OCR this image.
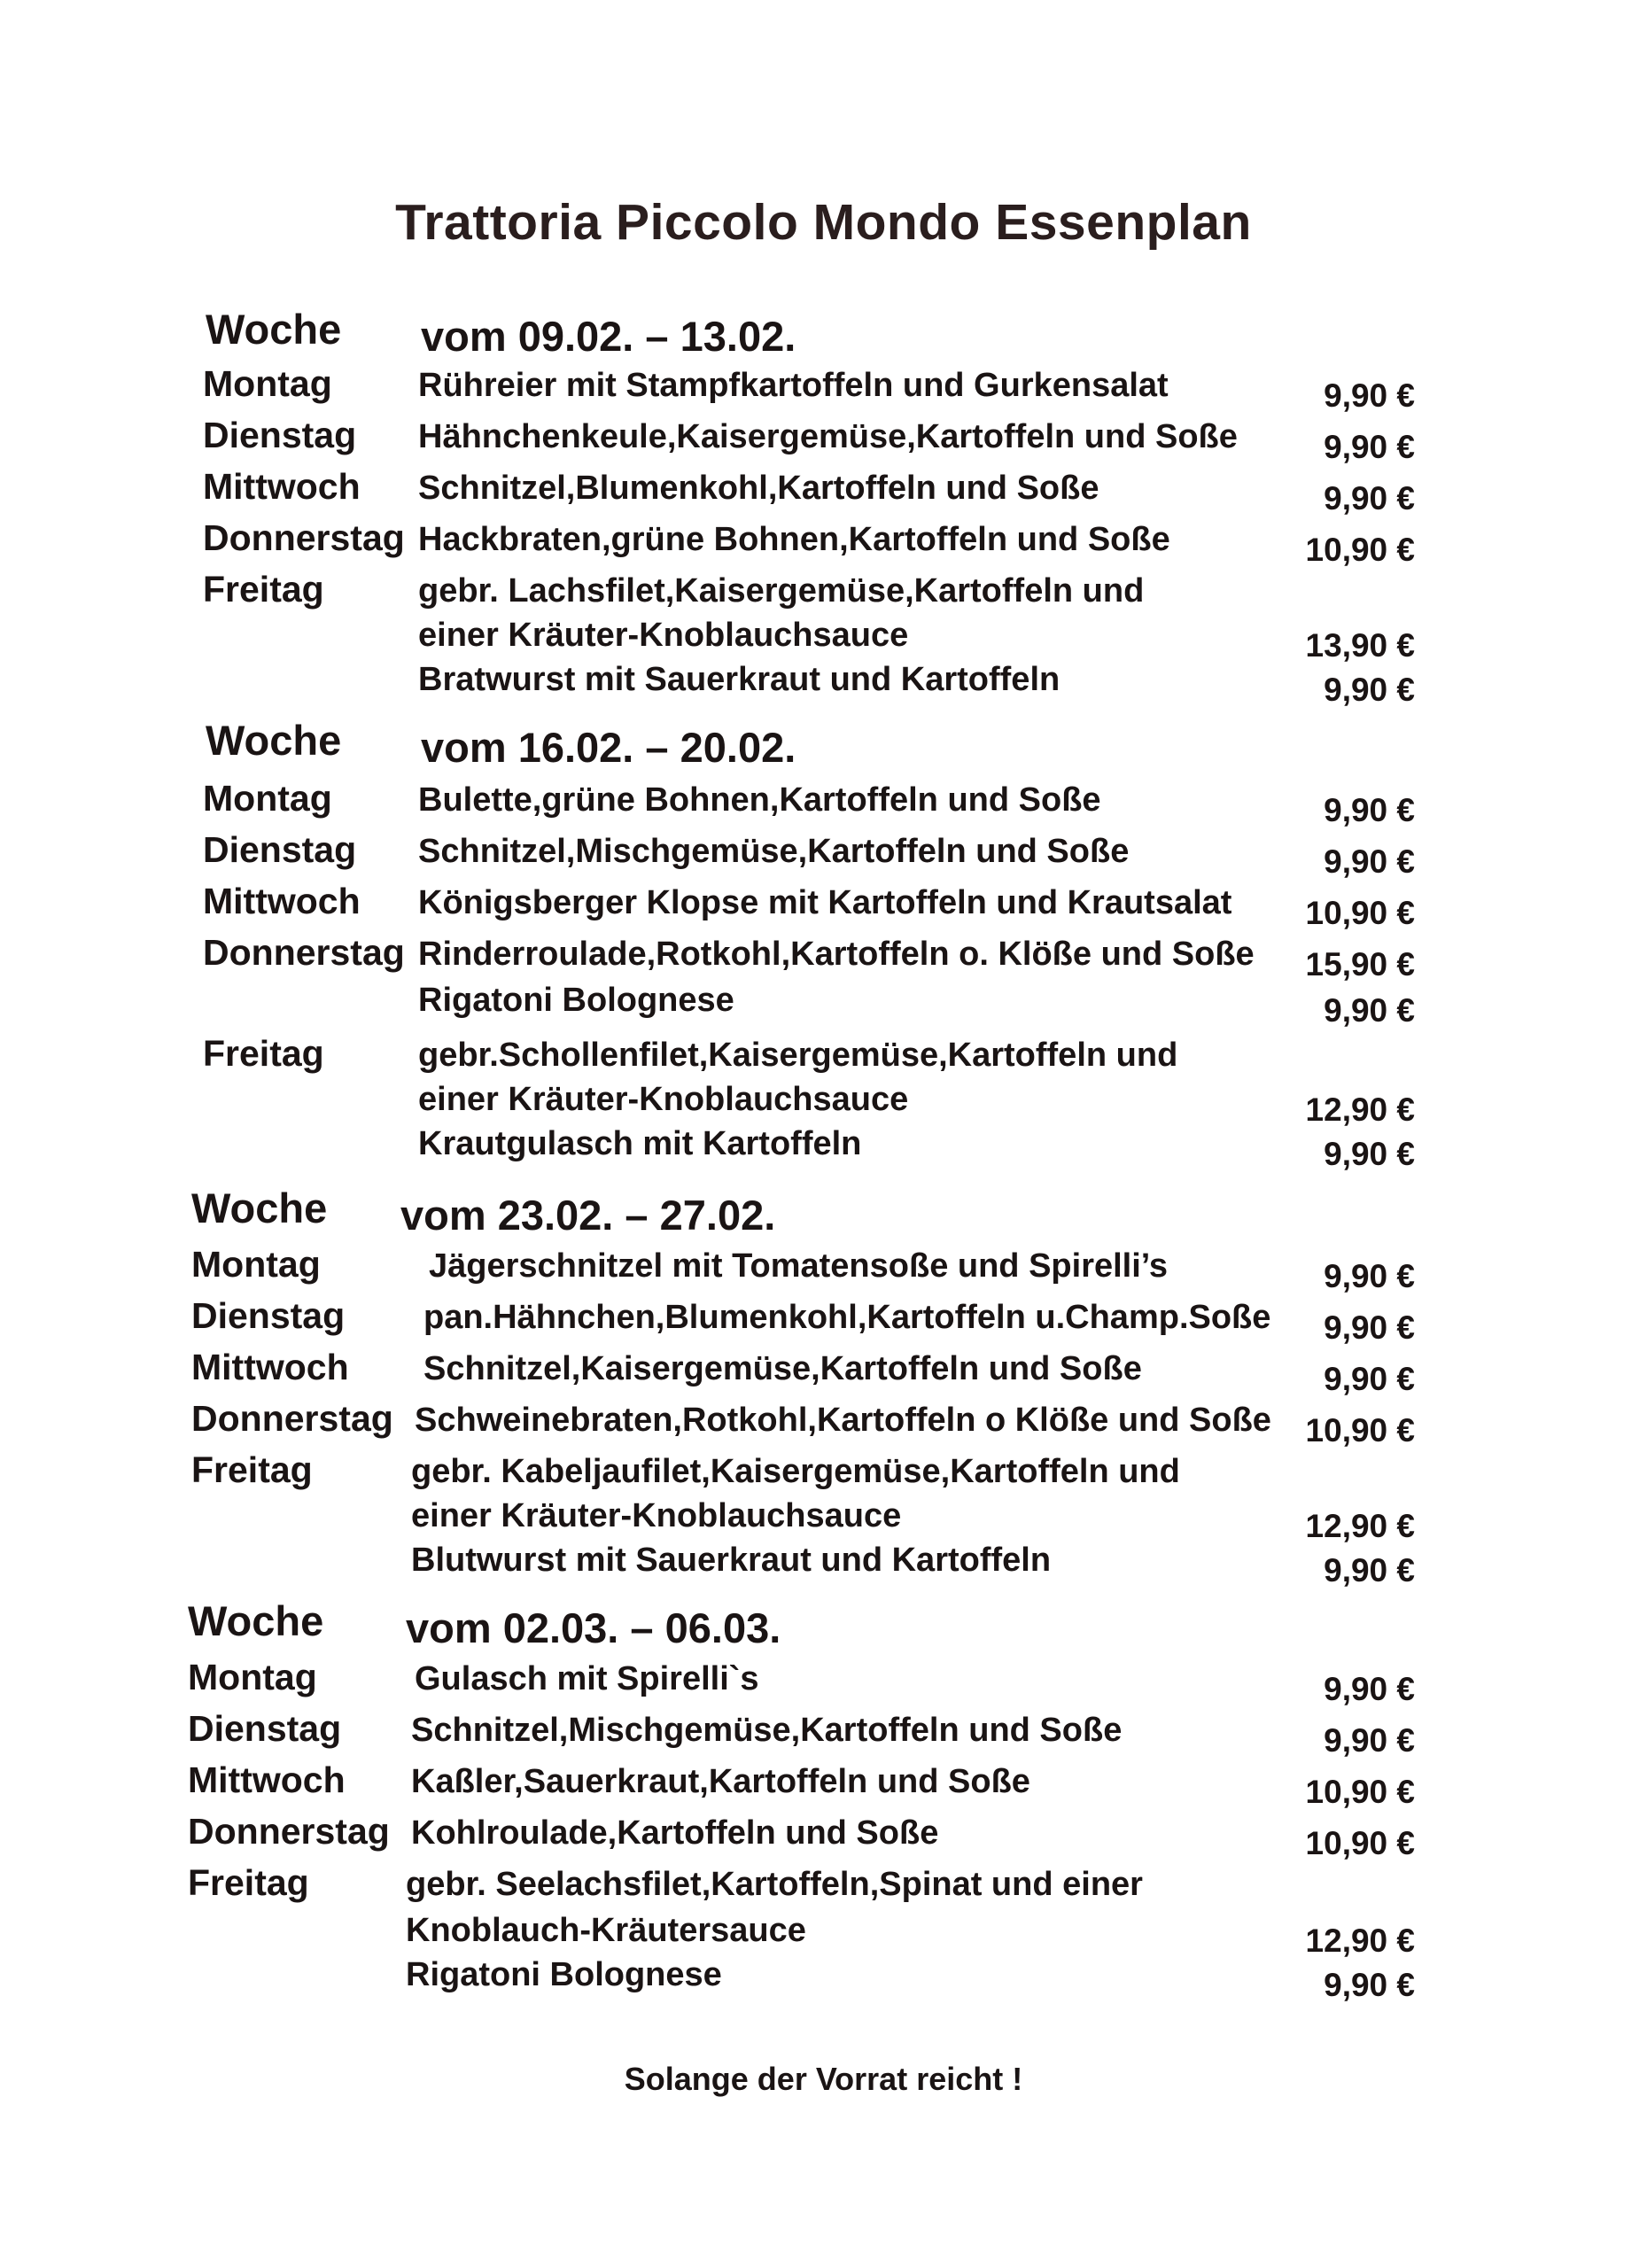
Trattoria Piccolo Mondo Essenplan
Woche vom 09.02. – 13.02.
Montag	Rühreier mit Stampfkartoffeln und Gurkensalat	9,90 €
Dienstag Hähnchenkeule,Kaisergemüse,Kartoffeln und Soße	9,90 €
Mittwoch Schnitzel,Blumenkohl,Kartoffeln und Soße	9,90 €
Donnerstag Hackbraten,grüne Bohnen,Kartoffeln und Soße	10,90 €
Freitag	gebr. Lachsfilet,Kaisergemüse,Kartoffeln und
einer Kräuter-Knoblauchsauce	13,90 €
Bratwurst mit Sauerkraut und Kartoffeln	9,90 €
Woche vom 16.02. – 20.02.
Montag	Bulette,grüne Bohnen,Kartoffeln und Soße	9,90 €
Dienstag Schnitzel,Mischgemüse,Kartoffeln und Soße	9,90 €
Mittwoch Königsberger Klopse mit Kartoffeln und Krautsalat 10,90 €
Donnerstag Rinderroulade,Rotkohl,Kartoffeln o. Klöße und Soße 15,90 €
Rigatoni Bolognese	9,90 €
Freitag	gebr.Schollenfilet,Kaisergemüse,Kartoffeln und
einer Kräuter-Knoblauchsauce	12,90 €
Krautgulasch mit Kartoffeln	9,90 €
Woche vom 23.02. – 27.02.
Montag	Jägerschnitzel mit Tomatensoße und Spirelli’s	9,90 €
Dienstag pan.Hähnchen,Blumenkohl,Kartoffeln u.Champ.Soße 9,90 €
Mittwoch Schnitzel,Kaisergemüse,Kartoffeln und Soße	9,90 €
Donnerstag Schweinebraten,Rotkohl,Kartoffeln o Klöße und Soße 10,90 €
Freitag	gebr. Kabeljaufilet,Kaisergemüse,Kartoffeln und
einer Kräuter-Knoblauchsauce	12,90 €
Blutwurst mit Sauerkraut und Kartoffeln	9,90 €
Woche vom 02.03. – 06.03.
Montag	Gulasch mit Spirelli`s	9,90 €
Dienstag Schnitzel,Mischgemüse,Kartoffeln und Soße	9,90 €
Mittwoch Kaßler,Sauerkraut,Kartoffeln und Soße	10,90 €
Donnerstag Kohlroulade,Kartoffeln und Soße	10,90 €
Freitag	gebr. Seelachsfilet,Kartoffeln,Spinat und einer
Knoblauch-Kräutersauce	12,90 €
Rigatoni Bolognese	9,90 €
Solange der Vorrat reicht !
